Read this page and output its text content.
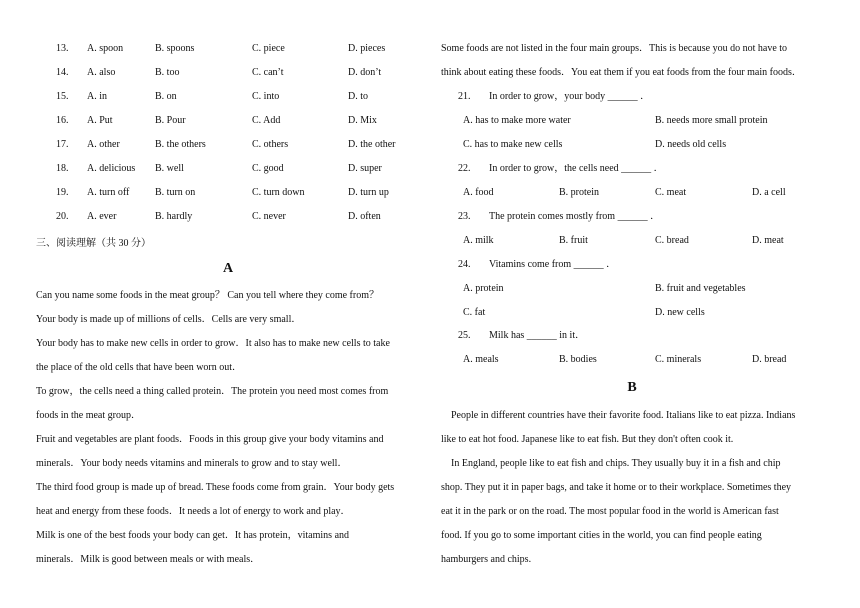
13.	A. spoon	B. spoons	C. piece	D. pieces
14.	A. also	B. too	C. can’t	D. don’t
15.	A. in	B. on	C. into	D. to
16.	A. Put	B. Pour	C. Add	D. Mix
17.	A. other	B. the others	C. others	D. the other
18.	A. delicious B. well	C. good	D. super
19.	A. turn off	B. turn on	C. turn down	D. turn up
20.	A. ever	B. hardly	C. never	D. often
三、阅读理解（共 30 分）
A
Can you name some foods in the meat group？ Can you tell where they come from？
Your body is made up of millions of cells．Cells are very small．
Your body has to make new cells in order to grow．It also has to make new cells to take
the place of the old cells that have been worn out．
To grow，the cells need a thing called protein．The protein you need most comes from
foods in the meat group．
Fruit and vegetables are plant foods．Foods in this group give your body vitamins and
minerals．Your body needs vitamins and minerals to grow and to stay well．
The third food group is made up of bread. These foods come from grain．Your body gets
heat and energy from these foods．It needs a lot of energy to work and play．
Milk is one of the best foods your body can get．It has protein，vitamins and
minerals．Milk is good between meals or with meals．
Some foods are not listed in the four main groups．This is because you do not have to
think about eating these foods．You eat them if you eat foods from the four main foods．
21. In order to grow，your body ______ ．
A. has to make more water	B. needs more small protein
C. has to make new cells	D. needs old cells
22. In order to grow，the cells need ______ ．
A. food	B. protein	C. meat	D. a cell
23. The protein comes mostly from ______ ．
A. milk	B. fruit	C. bread	D. meat
24. Vitamins come from ______ ．
A. protein	B. fruit and vegetables
C. fat	D. new cells
25. Milk has ______ in it．
A. meals	B. bodies	C. minerals	D. bread
B
People in different countries have their favorite food. Italians like to eat pizza. Indians
like to eat hot food. Japanese like to eat fish. But they don't often cook it.
In England, people like to eat fish and chips. They usually buy it in a fish and chip
shop. They put it in paper bags, and take it home or to their workplace. Sometimes they
eat it in the park or on the road. The most popular food in the world is American fast
food. If you go to some important cities in the world, you can find people eating
hamburgers and chips.
